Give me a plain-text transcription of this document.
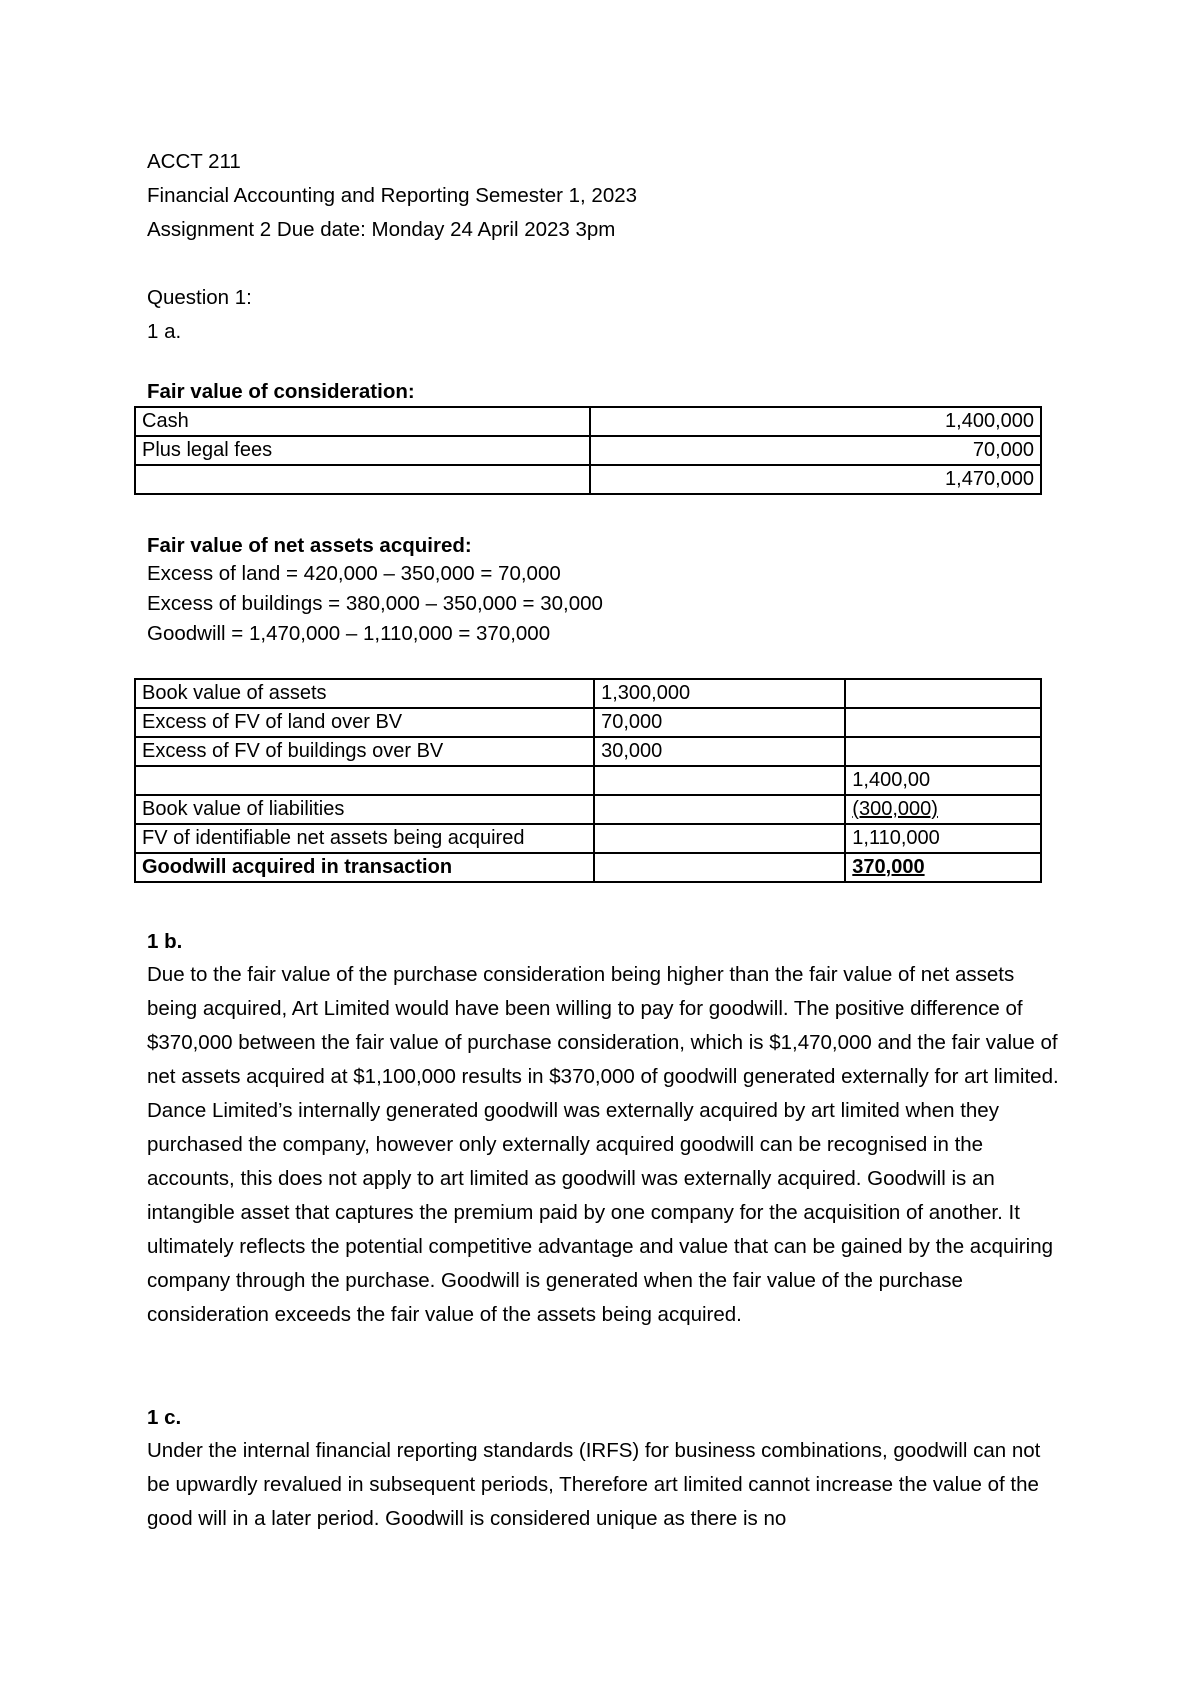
ACCT 211
Financial Accounting and Reporting Semester 1, 2023
Assignment 2 Due date: Monday 24 April 2023 3pm
Question 1:
1 a.
Fair value of consideration:
Cash	1,400,000
Plus legal fees	70,000
	1,470,000
Fair value of net assets acquired:
Excess of land = 420,000 – 350,000 = 70,000
Excess of buildings = 380,000 – 350,000 = 30,000
Goodwill = 1,470,000 – 1,110,000 = 370,000
Book value of assets	1,300,000	
Excess of FV of land over BV	70,000	
Excess of FV of buildings over BV	30,000	
		1,400,00
Book value of liabilities		(300,000)
FV of identifiable net assets being acquired		1,110,000
Goodwill acquired in transaction		370,000
1 b.

Due to the fair value of the purchase consideration being higher than the fair value of net assets being acquired, Art Limited would have been willing to pay for goodwill. The positive difference of $370,000 between the fair value of purchase consideration, which is $1,470,000 and the fair value of net assets acquired at $1,100,000 results in $370,000 of goodwill generated externally for art limited. Dance Limited’s internally generated goodwill was externally acquired by art limited when they purchased the company, however only externally acquired goodwill can be recognised in the accounts, this does not apply to art limited as goodwill was externally acquired. Goodwill is an intangible asset that captures the premium paid by one company for the acquisition of another. It ultimately reflects the potential competitive advantage and value that can be gained by the acquiring company through the purchase. Goodwill is generated when the fair value of the purchase consideration exceeds the fair value of the assets being acquired.

1 c.

Under the internal financial reporting standards (IRFS) for business combinations, goodwill can not be upwardly revalued in subsequent periods, Therefore art limited cannot increase the value of the good will in a later period. Goodwill is considered unique as there is no
